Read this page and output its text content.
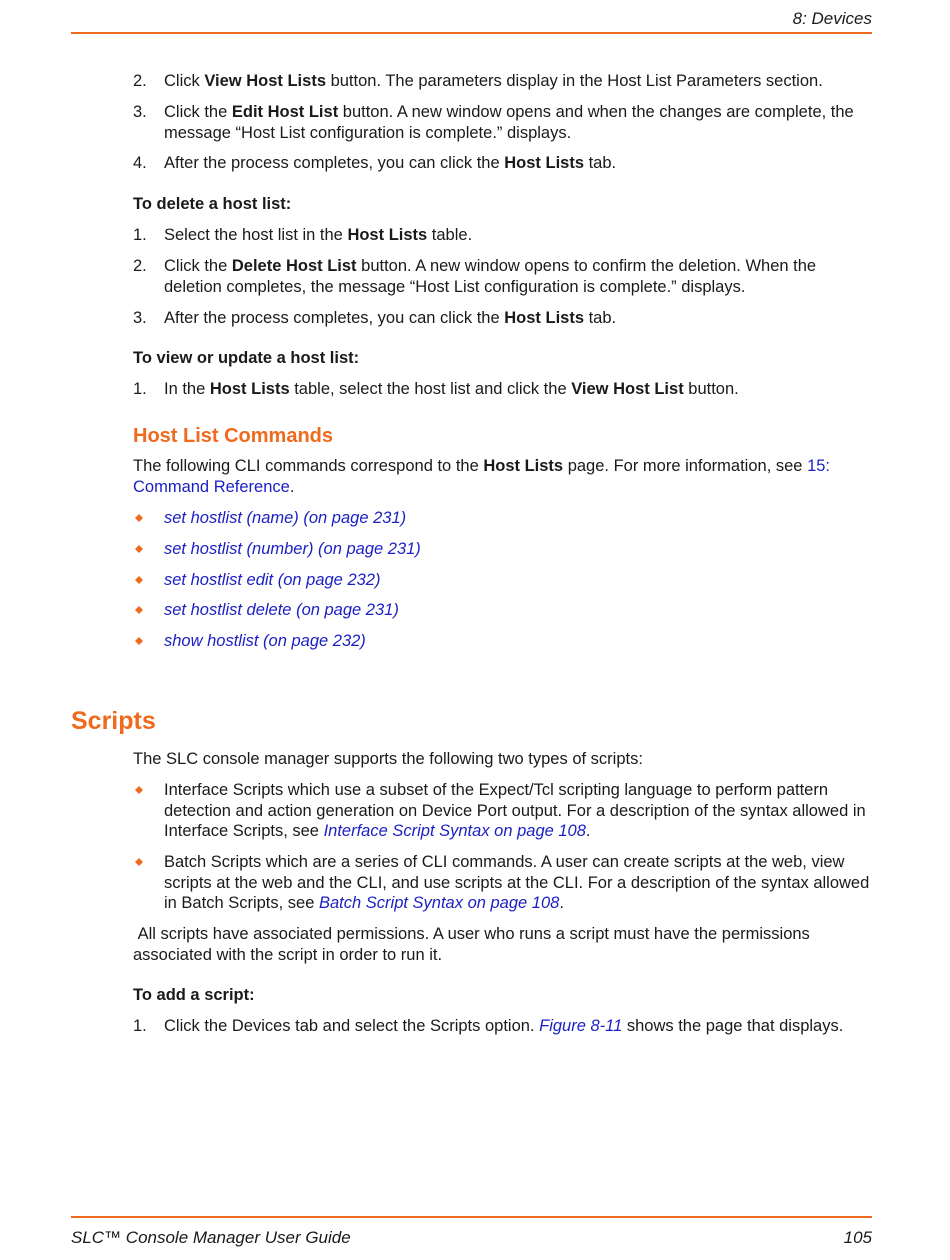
8: Devices
2. Click View Host Lists button. The parameters display in the Host List Parameters section.
3. Click the Edit Host List button. A new window opens and when the changes are complete, the message “Host List configuration is complete.” displays.
4. After the process completes, you can click the Host Lists tab.
To delete a host list:
1. Select the host list in the Host Lists table.
2. Click the Delete Host List button. A new window opens to confirm the deletion. When the deletion completes, the message “Host List configuration is complete.” displays.
3. After the process completes, you can click the Host Lists tab.
To view or update a host list:
1. In the Host Lists table, select the host list and click the View Host List button.
Host List Commands
The following CLI commands correspond to the Host Lists page. For more information, see 15: Command Reference.
set hostlist (name) (on page 231)
set hostlist (number) (on page 231)
set hostlist edit (on page 232)
set hostlist delete (on page 231)
show hostlist (on page 232)
Scripts
The SLC console manager supports the following two types of scripts:
Interface Scripts which use a subset of the Expect/Tcl scripting language to perform pattern detection and action generation on Device Port output. For a description of the syntax allowed in Interface Scripts, see Interface Script Syntax on page 108.
Batch Scripts which are a series of CLI commands. A user can create scripts at the web, view scripts at the web and the CLI, and use scripts at the CLI. For a description of the syntax allowed in Batch Scripts, see Batch Script Syntax on page 108.
All scripts have associated permissions. A user who runs a script must have the permissions associated with the script in order to run it.
To add a script:
1. Click the Devices tab and select the Scripts option. Figure 8-11 shows the page that displays.
SLC™ Console Manager User Guide	105
